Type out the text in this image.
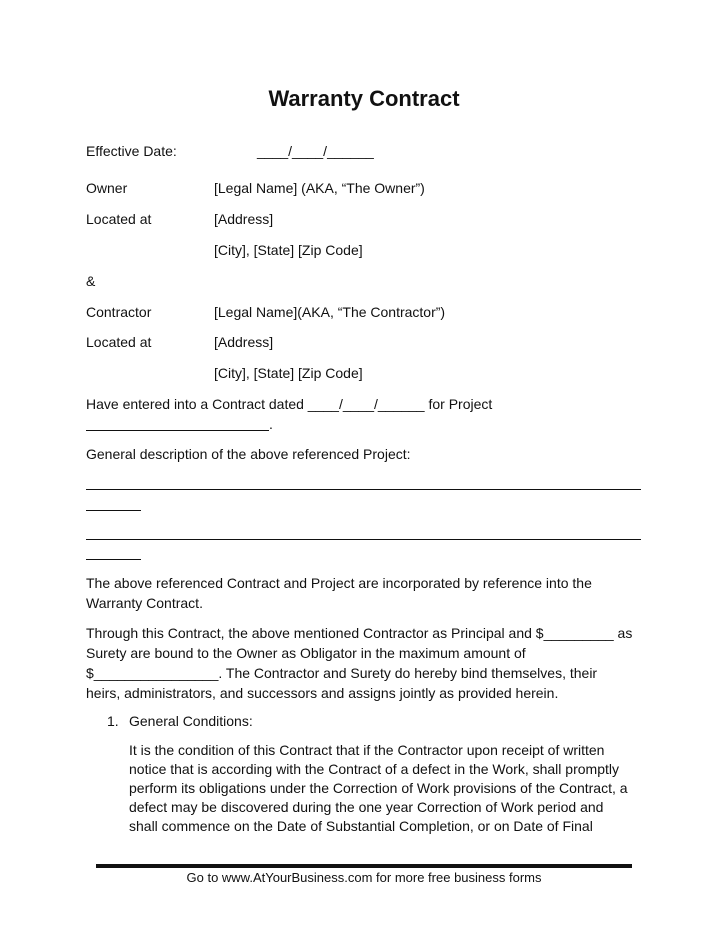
Warranty Contract
Effective Date:	____/____/______
Owner	[Legal Name] (AKA, “The Owner”)
Located at	[Address]
[City], [State] [Zip Code]
&
Contractor	[Legal Name](AKA, “The Contractor”)
Located at	[Address]
[City], [State] [Zip Code]
Have entered into a Contract dated ____/____/______ for Project
.
General description of the above referenced Project:
The above referenced Contract and Project are incorporated by reference into the
Warranty Contract.
Through this Contract, the above mentioned Contractor as Principal and $_________ as
Surety are bound to the Owner as Obligator in the maximum amount of
$________________. The Contractor and Surety do hereby bind themselves, their
heirs, administrators, and successors and assigns jointly as provided herein.
1. General Conditions:
It is the condition of this Contract that if the Contractor upon receipt of written
notice that is according with the Contract of a defect in the Work, shall promptly
perform its obligations under the Correction of Work provisions of the Contract, a
defect may be discovered during the one year Correction of Work period and
shall commence on the Date of Substantial Completion, or on Date of Final
Go to www.AtYourBusiness.com for more free business forms
